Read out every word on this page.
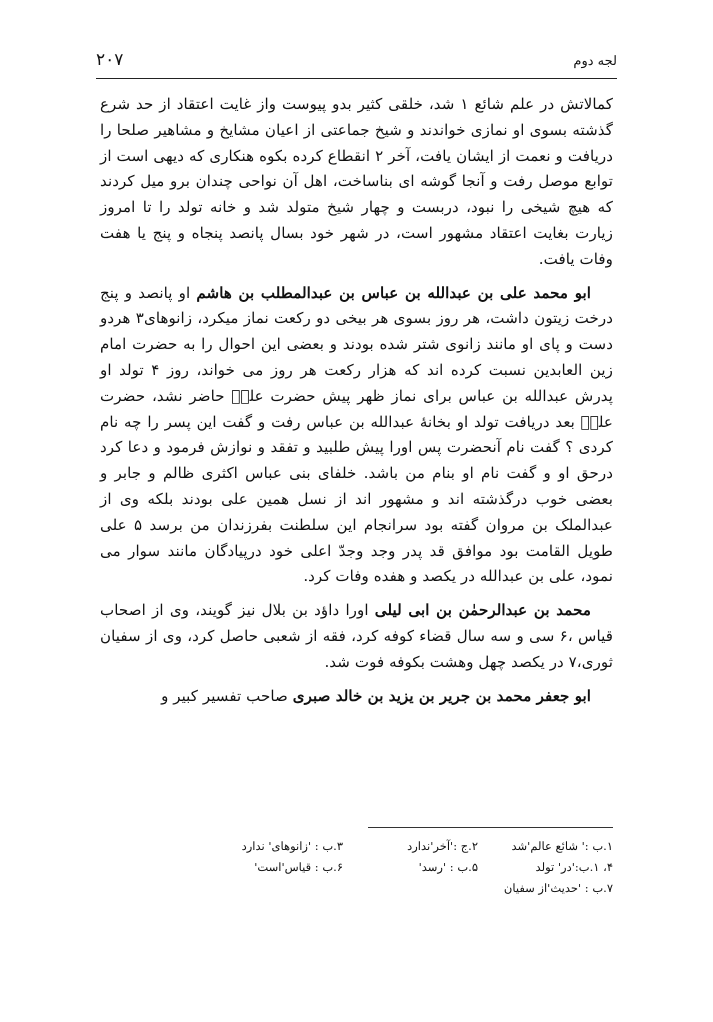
لجه دوم
۲۰۷

کمالاتش در علم شائع ۱ شد، خلقی کثیر بدو پیوست واز غایت اعتقاد از حد شرع گذشته بسوی او نمازی خواندند و شیخ جماعتی از اعیان مشایخ و مشاهیر صلحا را دریافت و نعمت از ایشان یافت، آخر ۲ انقطاع کرده بکوه هنکاری که دیهی است از توابع موصل رفت و آنجا گوشه ای بناساخت، اهل آن نواحی چندان برو میل کردند که هیچ شیخی را نبود، دربست و چهار شیخ متولد شد و خانه تولد را تا امروز زیارت بغایت اعتقاد مشهور است، در شهر خود بسال پانصد پنجاه و پنج یا هفت وفات یافت.

ابو محمد علی بن عبدالله بن عباس بن عبدالمطلب بن هاشم او پانصد و پنج درخت زیتون داشت، هر روز بسوی هر بیخی دو رکعت نماز میکرد، زانوهای۳ هردو دست و پای او مانند زانوی شتر شده بودند و بعضی این احوال را به حضرت امام زین العابدین نسبت کرده اند که هزار رکعت هر روز می خواند، روز ۴ تولد او پدرش عبدالله بن عباس برای نماز ظهر پیش حضرت علیؑ حاضر نشد، حضرت علیؑ بعد دریافت تولد او بخانۀ عبدالله بن عباس رفت و گفت این پسر را چه نام کردی ؟ گفت نام آنحضرت پس اورا پیش طلبید و تفقد و نوازش فرمود و دعا کرد درحق او و گفت نام او بنام من باشد. خلفای بنی عباس اکثری ظالم و جابر و بعضی خوب درگذشته اند و مشهور اند از نسل همین علی بودند بلکه وی از عبدالملک بن مروان گفته بود سرانجام این سلطنت بفرزندان من برسد ۵ علی طویل القامت بود موافق قد پدر وجد وجدّ اعلی خود درپیادگان مانند سوار می نمود، علی بن عبدالله در یکصد و هفده وفات کرد.

محمد بن عبدالرحمٰن بن ابی لیلی اورا داؤد بن بلال نیز گویند، وی از اصحاب قیاس ،۶ سی و سه سال قضاء کوفه کرد، فقه از شعبی حاصل کرد، وی از سفیان ثوری،۷ در یکصد چهل وهشت بکوفه فوت شد.

ابو جعفر محمد بن جریر بن یزید بن خالد صبری صاحب تفسیر کبیر و

۱.ب :' شائع عالم'شد
۲.ج :'آخر'ندارد
۳.ب : 'زانوهای' ندارد
۴، ۱.ب:'در' تولد
۵.ب : 'رسد'
۶.ب : قیاس'است'
۷.ب : 'حدیث'از سفیان
